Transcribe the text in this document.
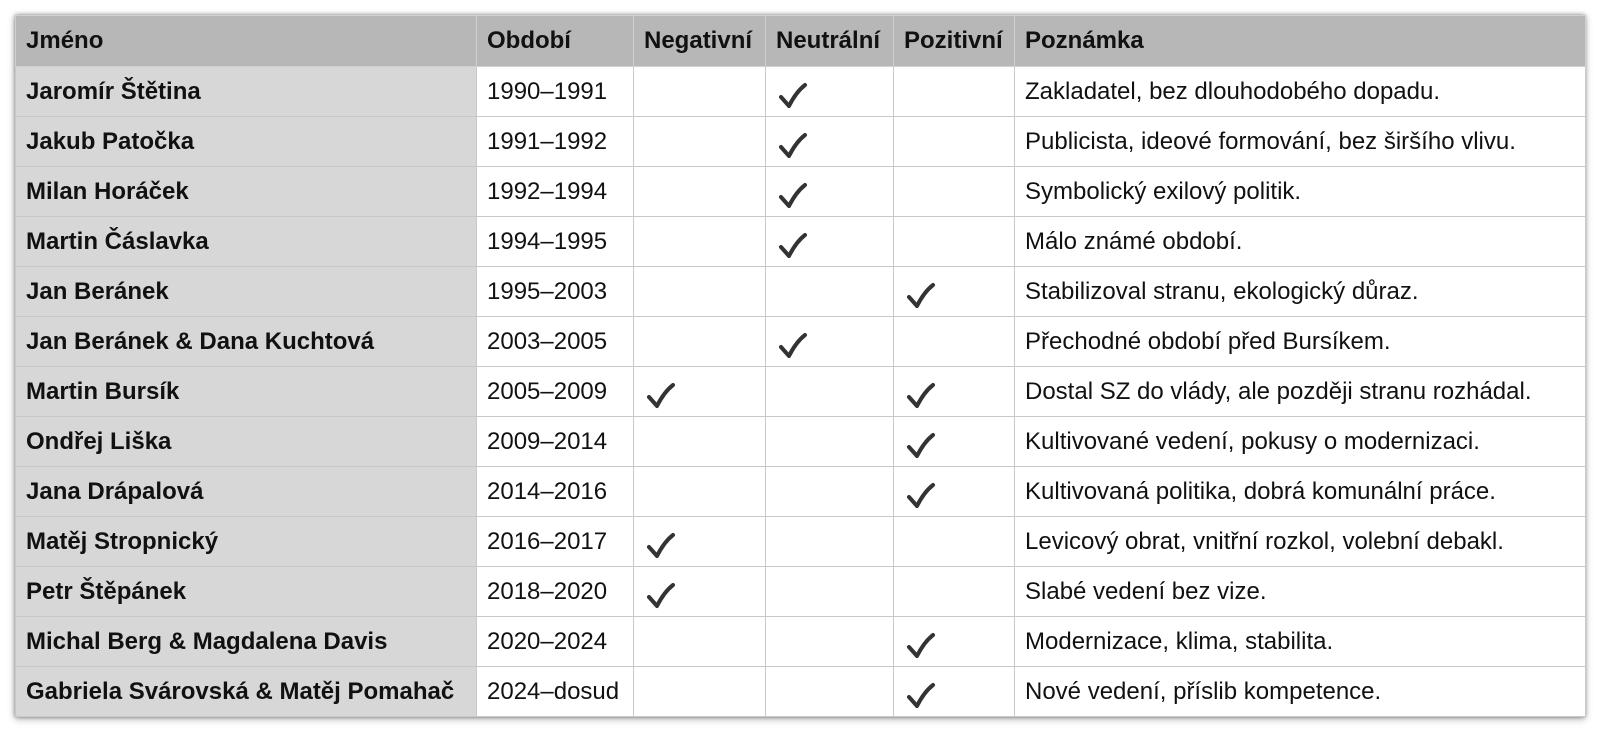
Jméno	Období	Negativní	Neutrální	Pozitivní	Poznámka
Jaromír Štětina	1990–1991				Zakladatel, bez dlouhodobého dopadu.
Jakub Patočka	1991–1992				Publicista, ideové formování, bez širšího vlivu.
Milan Horáček	1992–1994				Symbolický exilový politik.
Martin Čáslavka	1994–1995				Málo známé období.
Jan Beránek	1995–2003				Stabilizoval stranu, ekologický důraz.
Jan Beránek & Dana Kuchtová	2003–2005				Přechodné období před Bursíkem.
Martin Bursík	2005–2009				Dostal SZ do vlády, ale později stranu rozhádal.
Ondřej Liška	2009–2014				Kultivované vedení, pokusy o modernizaci.
Jana Drápalová	2014–2016				Kultivovaná politika, dobrá komunální práce.
Matěj Stropnický	2016–2017				Levicový obrat, vnitřní rozkol, volební debakl.
Petr Štěpánek	2018–2020				Slabé vedení bez vize.
Michal Berg & Magdalena Davis	2020–2024				Modernizace, klima, stabilita.
Gabriela Svárovská & Matěj Pomahač	2024–dosud				Nové vedení, příslib kompetence.
